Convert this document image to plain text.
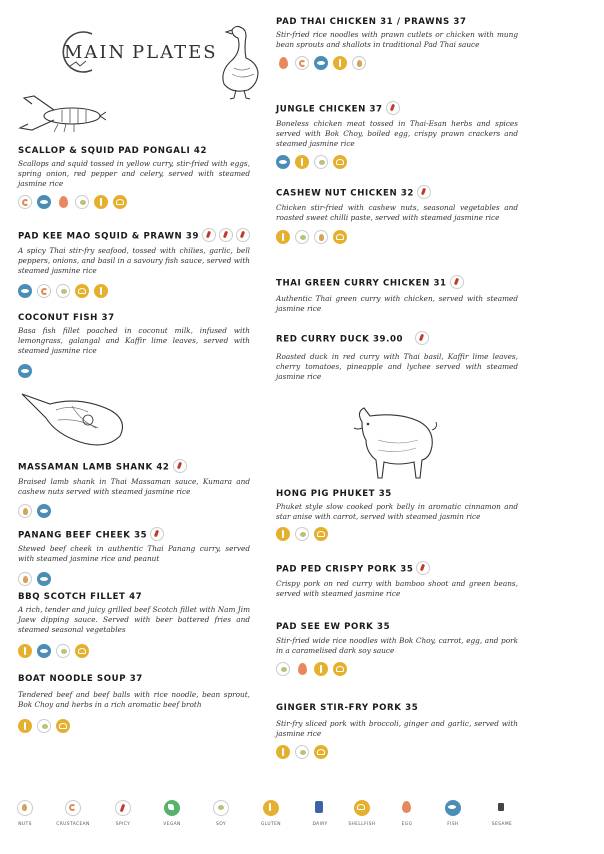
MAIN PLATES
SCALLOP & SQUID PAD PONGALI 42
Scallops and squid tossed in yellow curry, stir-fried with eggs, spring onion, red pepper and celery, served with steamed jasmine rice
PAD KEE MAO SQUID & PRAWN 39
A spicy Thai stir-fry seafood, tossed with chilies, garlic, bell peppers, onions, and basil in a savoury fish sauce, served with steamed jasmine rice
COCONUT FISH 37
Basa fish fillet poached in coconut milk, infused with lemongrass, galangal and Kaffir lime leaves, served with steamed jasmine rice
MASSAMAN LAMB SHANK 42
Braised lamb shank in Thai Massaman sauce, Kumara and cashew nuts served with steamed jasmine rice
PANANG BEEF CHEEK 35
Stewed beef cheek in authentic Thai Panang curry, served with steamed jasmine rice and peanut
BBQ SCOTCH FILLET 47
A rich, tender and juicy grilled beef Scotch fillet with Nam Jim Jaew dipping sauce. Served with beer battered fries and steamed seasonal vegetables
BOAT NOODLE SOUP 37
Tendered beef and beef balls with rice noodle, bean sprout, Bok Choy and herbs in a rich aromatic beef broth
PAD THAI CHICKEN 31 / PRAWNS 37
Stir-fried rice noodles with prawn cutlets or chicken with mung bean sprouts and shallots in traditional Pad Thai sauce
JUNGLE CHICKEN 37
Boneless chicken meat tossed in Thai-Esan herbs and spices served with Bok Choy, boiled egg, crispy prawn crackers and steamed jasmine rice
CASHEW NUT CHICKEN 32
Chicken stir-fried with cashew nuts, seasonal vegetables and roasted sweet chilli paste, served with steamed jasmine rice
THAI GREEN CURRY CHICKEN 31
Authentic Thai green curry with chicken, served with steamed jasmine rice
RED CURRY DUCK 39.00
Roasted duck in red curry with Thai basil, Kaffir lime leaves, cherry tomatoes, pineapple and lychee served with steamed jasmine rice
HONG PIG PHUKET 35
Phuket style slow cooked pork belly in aromatic cinnamon and star anise with carrot, served with steamed jasmin rice
PAD PED CRISPY PORK 35
Crispy pork on red curry with bamboo shoot and green beans, served with steamed jasmine rice
PAD SEE EW PORK 35
Stir-fried wide rice noodles with Bok Choy, carrot, egg, and pork in a caramelised dark soy sauce
GINGER STIR-FRY PORK 35
Stir-fry sliced pork with broccoli, ginger and garlic, served with jasmine rice
NUTS	CRUSTACEAN	SPICY	VEGAN	SOY	GLUTEN	DAIRY	SHELLFISH	EGG	FISH	SESAME
